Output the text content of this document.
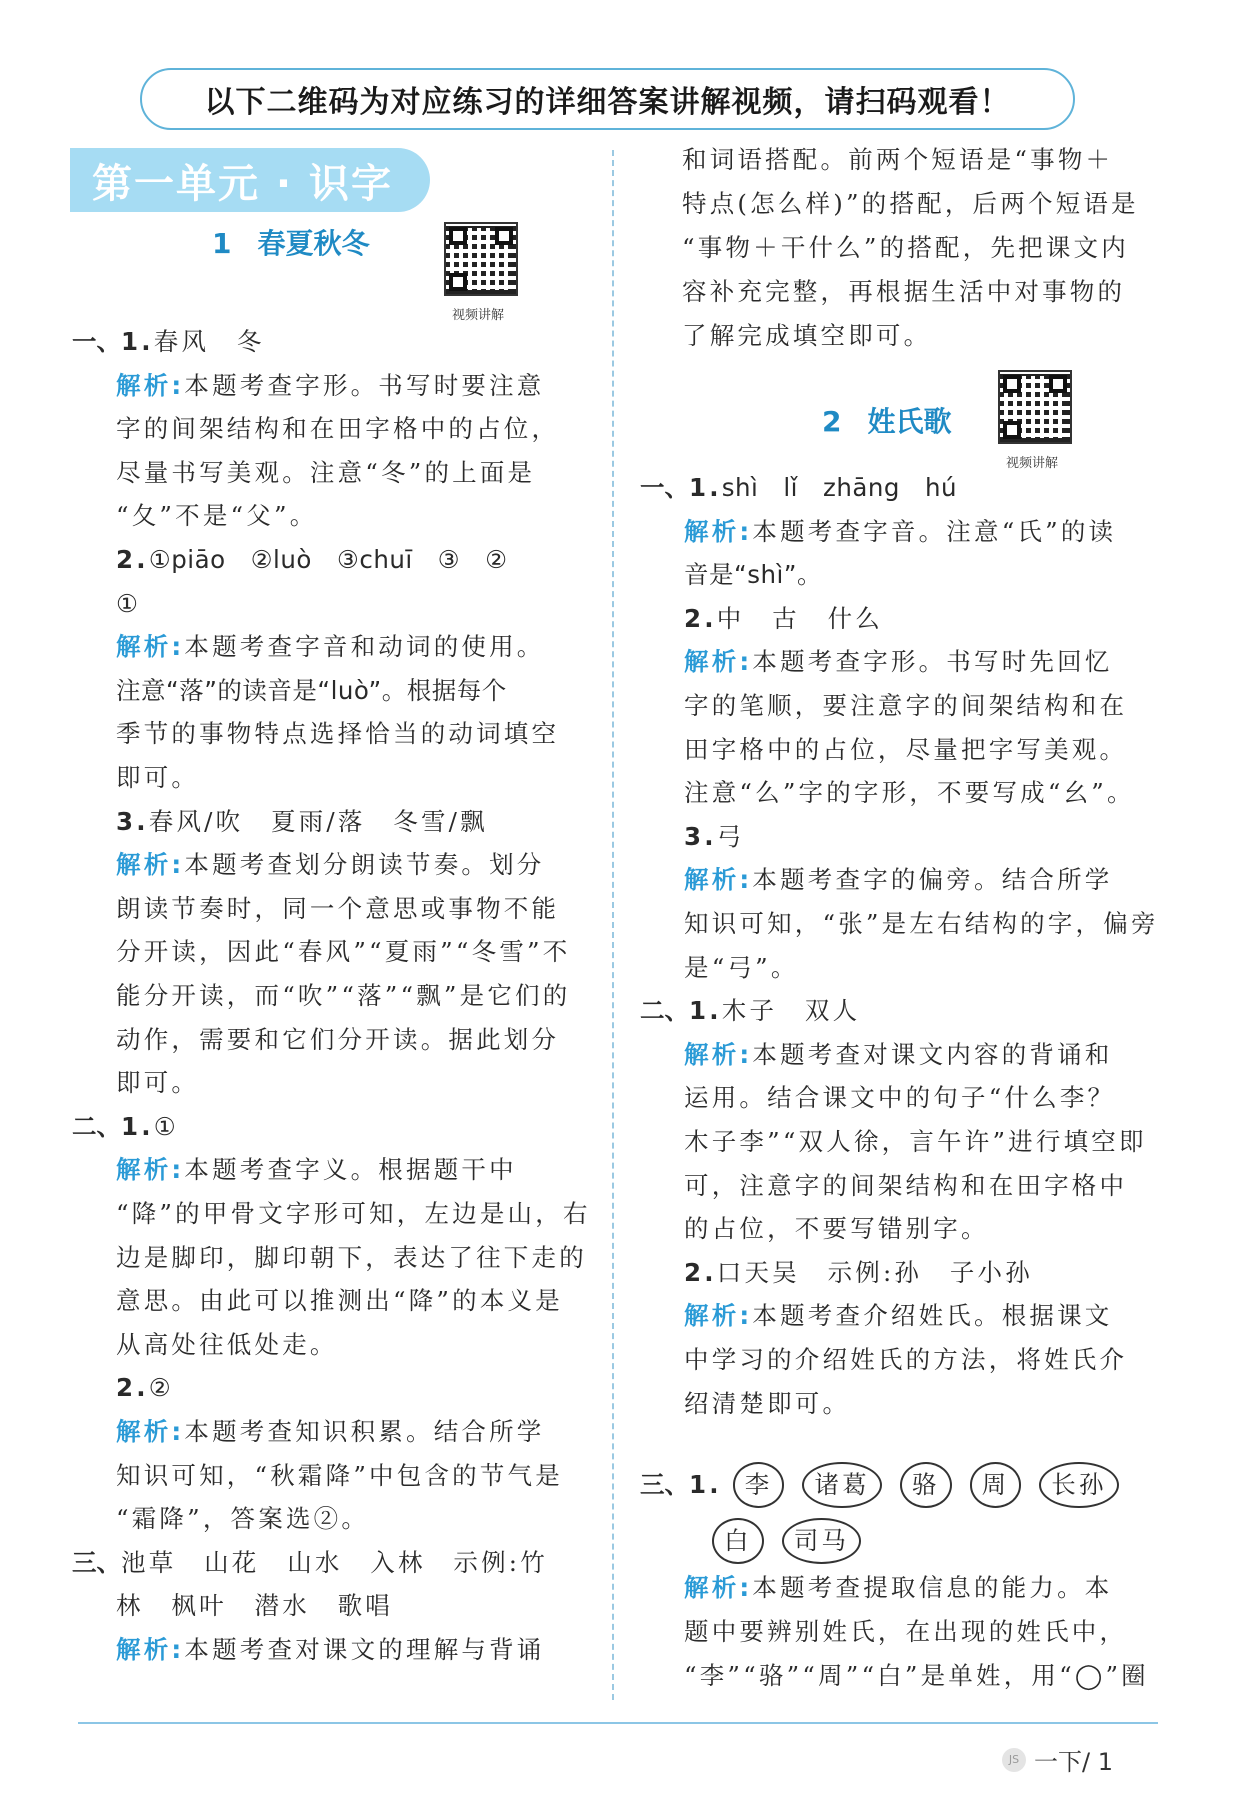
以下二维码为对应练习的详细答案讲解视频，请扫码观看！
第一单元 · 识字
1 春夏秋冬
视频讲解
2 姓氏歌
视频讲解
一、1.春风　冬
解析:本题考查字形。书写时要注意
字的间架结构和在田字格中的占位，
尽量书写美观。注意“冬”的上面是
“夂”不是“父”。
2.①piāo　②luò　③chuī　③　②
①
解析:本题考查字音和动词的使用。
注意“落”的读音是“luò”。根据每个
季节的事物特点选择恰当的动词填空
即可。
3.春风/吹　夏雨/落　冬雪/飘
解析:本题考查划分朗读节奏。划分
朗读节奏时，同一个意思或事物不能
分开读，因此“春风”“夏雨”“冬雪”不
能分开读，而“吹”“落”“飘”是它们的
动作，需要和它们分开读。据此划分
即可。
二、1.①
解析:本题考查字义。根据题干中
“降”的甲骨文字形可知，左边是山，右
边是脚印，脚印朝下，表达了往下走的
意思。由此可以推测出“降”的本义是
从高处往低处走。
2.②
解析:本题考查知识积累。结合所学
知识可知，“秋霜降”中包含的节气是
“霜降”，答案选②。
三、池草　山花　山水　入林　示例:竹
林　枫叶　潜水　歌唱
解析:本题考查对课文的理解与背诵
和词语搭配。前两个短语是“事物＋
特点(怎么样)”的搭配，后两个短语是
“事物＋干什么”的搭配，先把课文内
容补充完整，再根据生活中对事物的
了解完成填空即可。
一、1.shì　lǐ　zhāng　hú
解析:本题考查字音。注意“氏”的读
音是“shì”。
2.中　古　什么
解析:本题考查字形。书写时先回忆
字的笔顺，要注意字的间架结构和在
田字格中的占位，尽量把字写美观。
注意“么”字的字形，不要写成“幺”。
3.弓
解析:本题考查字的偏旁。结合所学
知识可知，“张”是左右结构的字，偏旁
是“弓”。
二、1.木子　双人
解析:本题考查对课文内容的背诵和
运用。结合课文中的句子“什么李？
木子李”“双人徐，言午许”进行填空即
可，注意字的间架结构和在田字格中
的占位，不要写错别字。
2.口天吴　示例:孙　子小孙
解析:本题考查介绍姓氏。根据课文
中学习的介绍姓氏的方法，将姓氏介
绍清楚即可。
解析:本题考查提取信息的能力。本
题中要辨别姓氏，在出现的姓氏中，
“李”“骆”“周”“白”是单姓，用“◯”圈
三、1. 李 诸葛 骆 周 长孙
白 司马
JS 一下/ 1
